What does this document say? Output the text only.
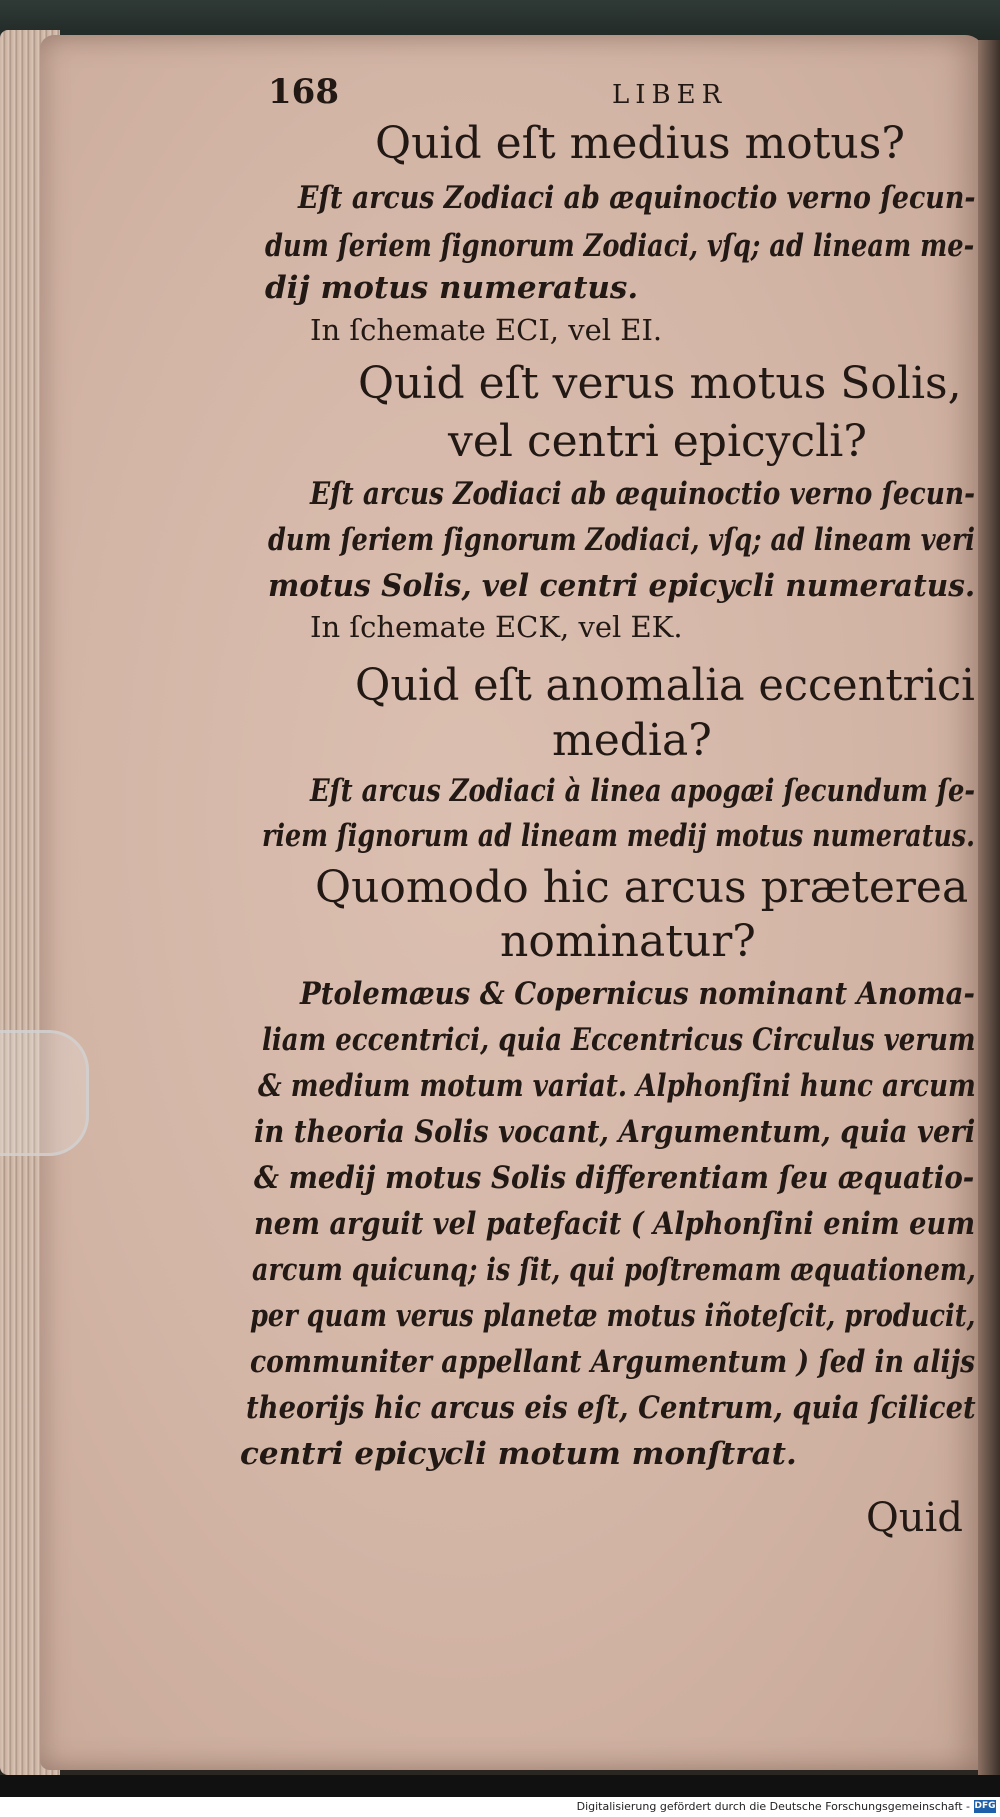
168	LIBER
Quid eſt medius motus?
Eſt arcus Zodiaci ab æquinoctio verno ſecun-
dum ſeriem ſignorum Zodiaci, vſq; ad lineam me-
dij motus numeratus.
In ſchemate ECI, vel EI.
Quid eſt verus motus Solis,
vel centri epicycli?
Eſt arcus Zodiaci ab æquinoctio verno ſecun-
dum ſeriem ſignorum Zodiaci, vſq; ad lineam veri
motus Solis, vel centri epicycli numeratus.
In ſchemate ECK, vel EK.
Quid eſt anomalia eccentrici
media?
Eſt arcus Zodiaci à linea apogæi ſecundum ſe-
riem ſignorum ad lineam medij motus numeratus.
Quomodo hic arcus præterea
nominatur?
Ptolemæus & Copernicus nominant Anoma-
liam eccentrici, quia Eccentricus Circulus verum
& medium motum variat. Alphonſini hunc arcum
in theoria Solis vocant, Argumentum, quia veri
& medij motus Solis differentiam ſeu æquatio-
nem arguit vel patefacit ( Alphonſini enim eum
arcum quicunq; is ſit, qui poſtremam æquationem,
per quam verus planetæ motus iñoteſcit, producit,
communiter appellant Argumentum ) ſed in alijs
theorijs hic arcus eis eſt, Centrum, quia ſcilicet
centri epicycli motum monſtrat.
Quid
Digitalisierung gefördert durch die Deutsche Forschungsgemeinschaft - DFG
